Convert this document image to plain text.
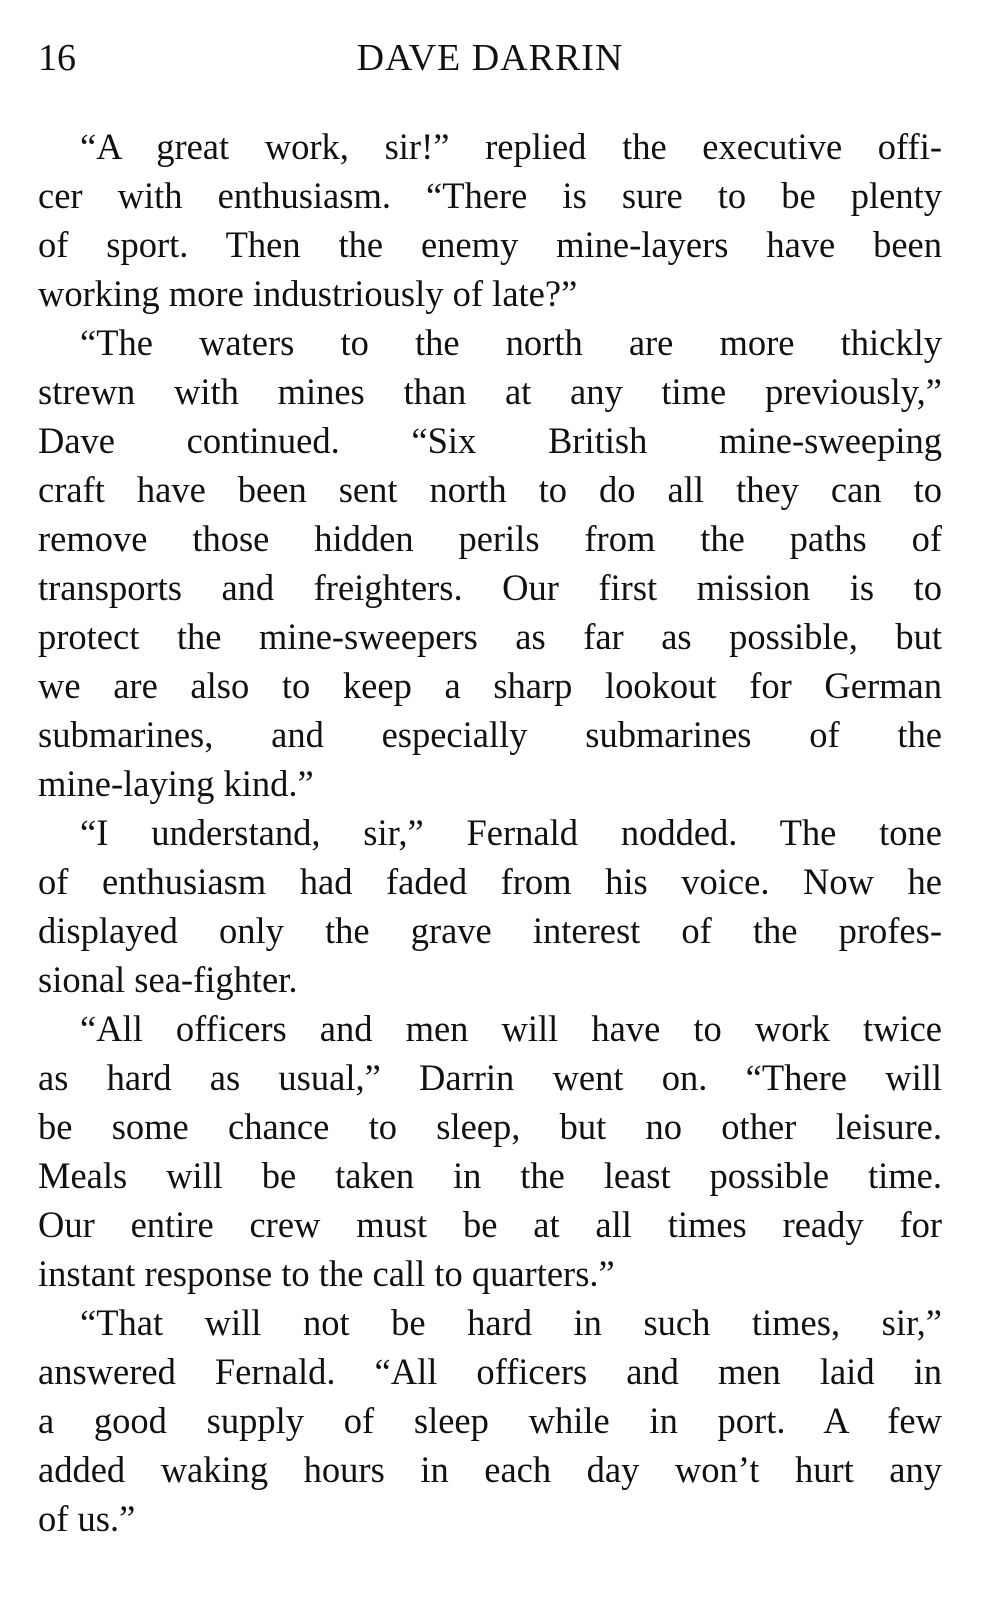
16	DAVE DARRIN
“A great work, sir!” replied the executive offi-
cer with enthusiasm. “There is sure to be plenty
of sport. Then the enemy mine-layers have been
working more industriously of late?”
“The waters to the north are more thickly
strewn with mines than at any time previously,”
Dave continued. “Six British mine-sweeping
craft have been sent north to do all they can to
remove those hidden perils from the paths of
transports and freighters. Our first mission is to
protect the mine-sweepers as far as possible, but
we are also to keep a sharp lookout for German
submarines, and especially submarines of the
mine-laying kind.”
“I understand, sir,” Fernald nodded. The tone
of enthusiasm had faded from his voice. Now he
displayed only the grave interest of the profes-
sional sea-fighter.
“All officers and men will have to work twice
as hard as usual,” Darrin went on. “There will
be some chance to sleep, but no other leisure.
Meals will be taken in the least possible time.
Our entire crew must be at all times ready for
instant response to the call to quarters.”
“That will not be hard in such times, sir,”
answered Fernald. “All officers and men laid in
a good supply of sleep while in port. A few
added waking hours in each day won’t hurt any
of us.”
